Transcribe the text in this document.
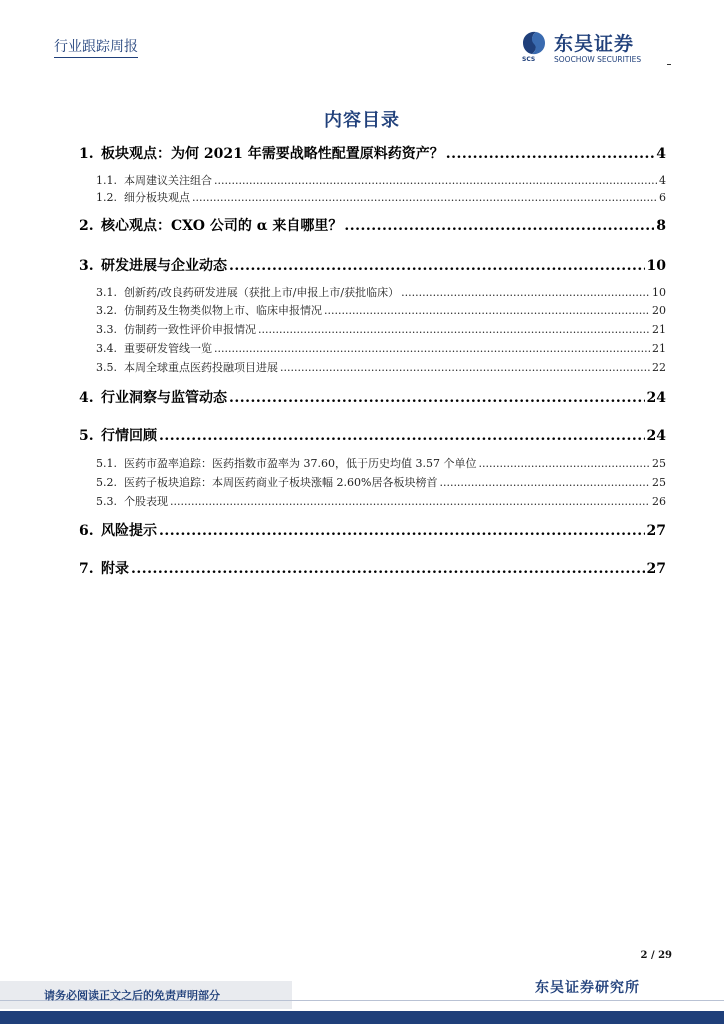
行业跟踪周报	东吴证券
SCS	SOOCHOW SECURITIES
内容目录
1. 板块观点：为何 2021 年需要战略性配置原料药资产？ .....	4
1.1. 本周建议关注组合 .....	4
1.2. 细分板块观点 .....	6
2. 核心观点：CXO 公司的 α 来自哪里？ .....	8
3. 研发进展与企业动态 .....	10
3.1. 创新药/改良药研发进展（获批上市/申报上市/获批临床） .....	10
3.2. 仿制药及生物类似物上市、临床申报情况 .....	20
3.3. 仿制药一致性评价申报情况 .....	21
3.4. 重要研发管线一览 .....	21
3.5. 本周全球重点医药投融项目进展 .....	22
4. 行业洞察与监管动态 .....	24
5. 行情回顾 .....	24
5.1. 医药市盈率追踪：医药指数市盈率为 37.60，低于历史均值 3.57 个单位 .....	25
5.2. 医药子板块追踪：本周医药商业子板块涨幅 2.60%居各板块榜首 .....	25
5.3. 个股表现 .....	26
6. 风险提示 .....	27
7. 附录 .....	27
2 / 29
请务必阅读正文之后的免责声明部分	东吴证券研究所
